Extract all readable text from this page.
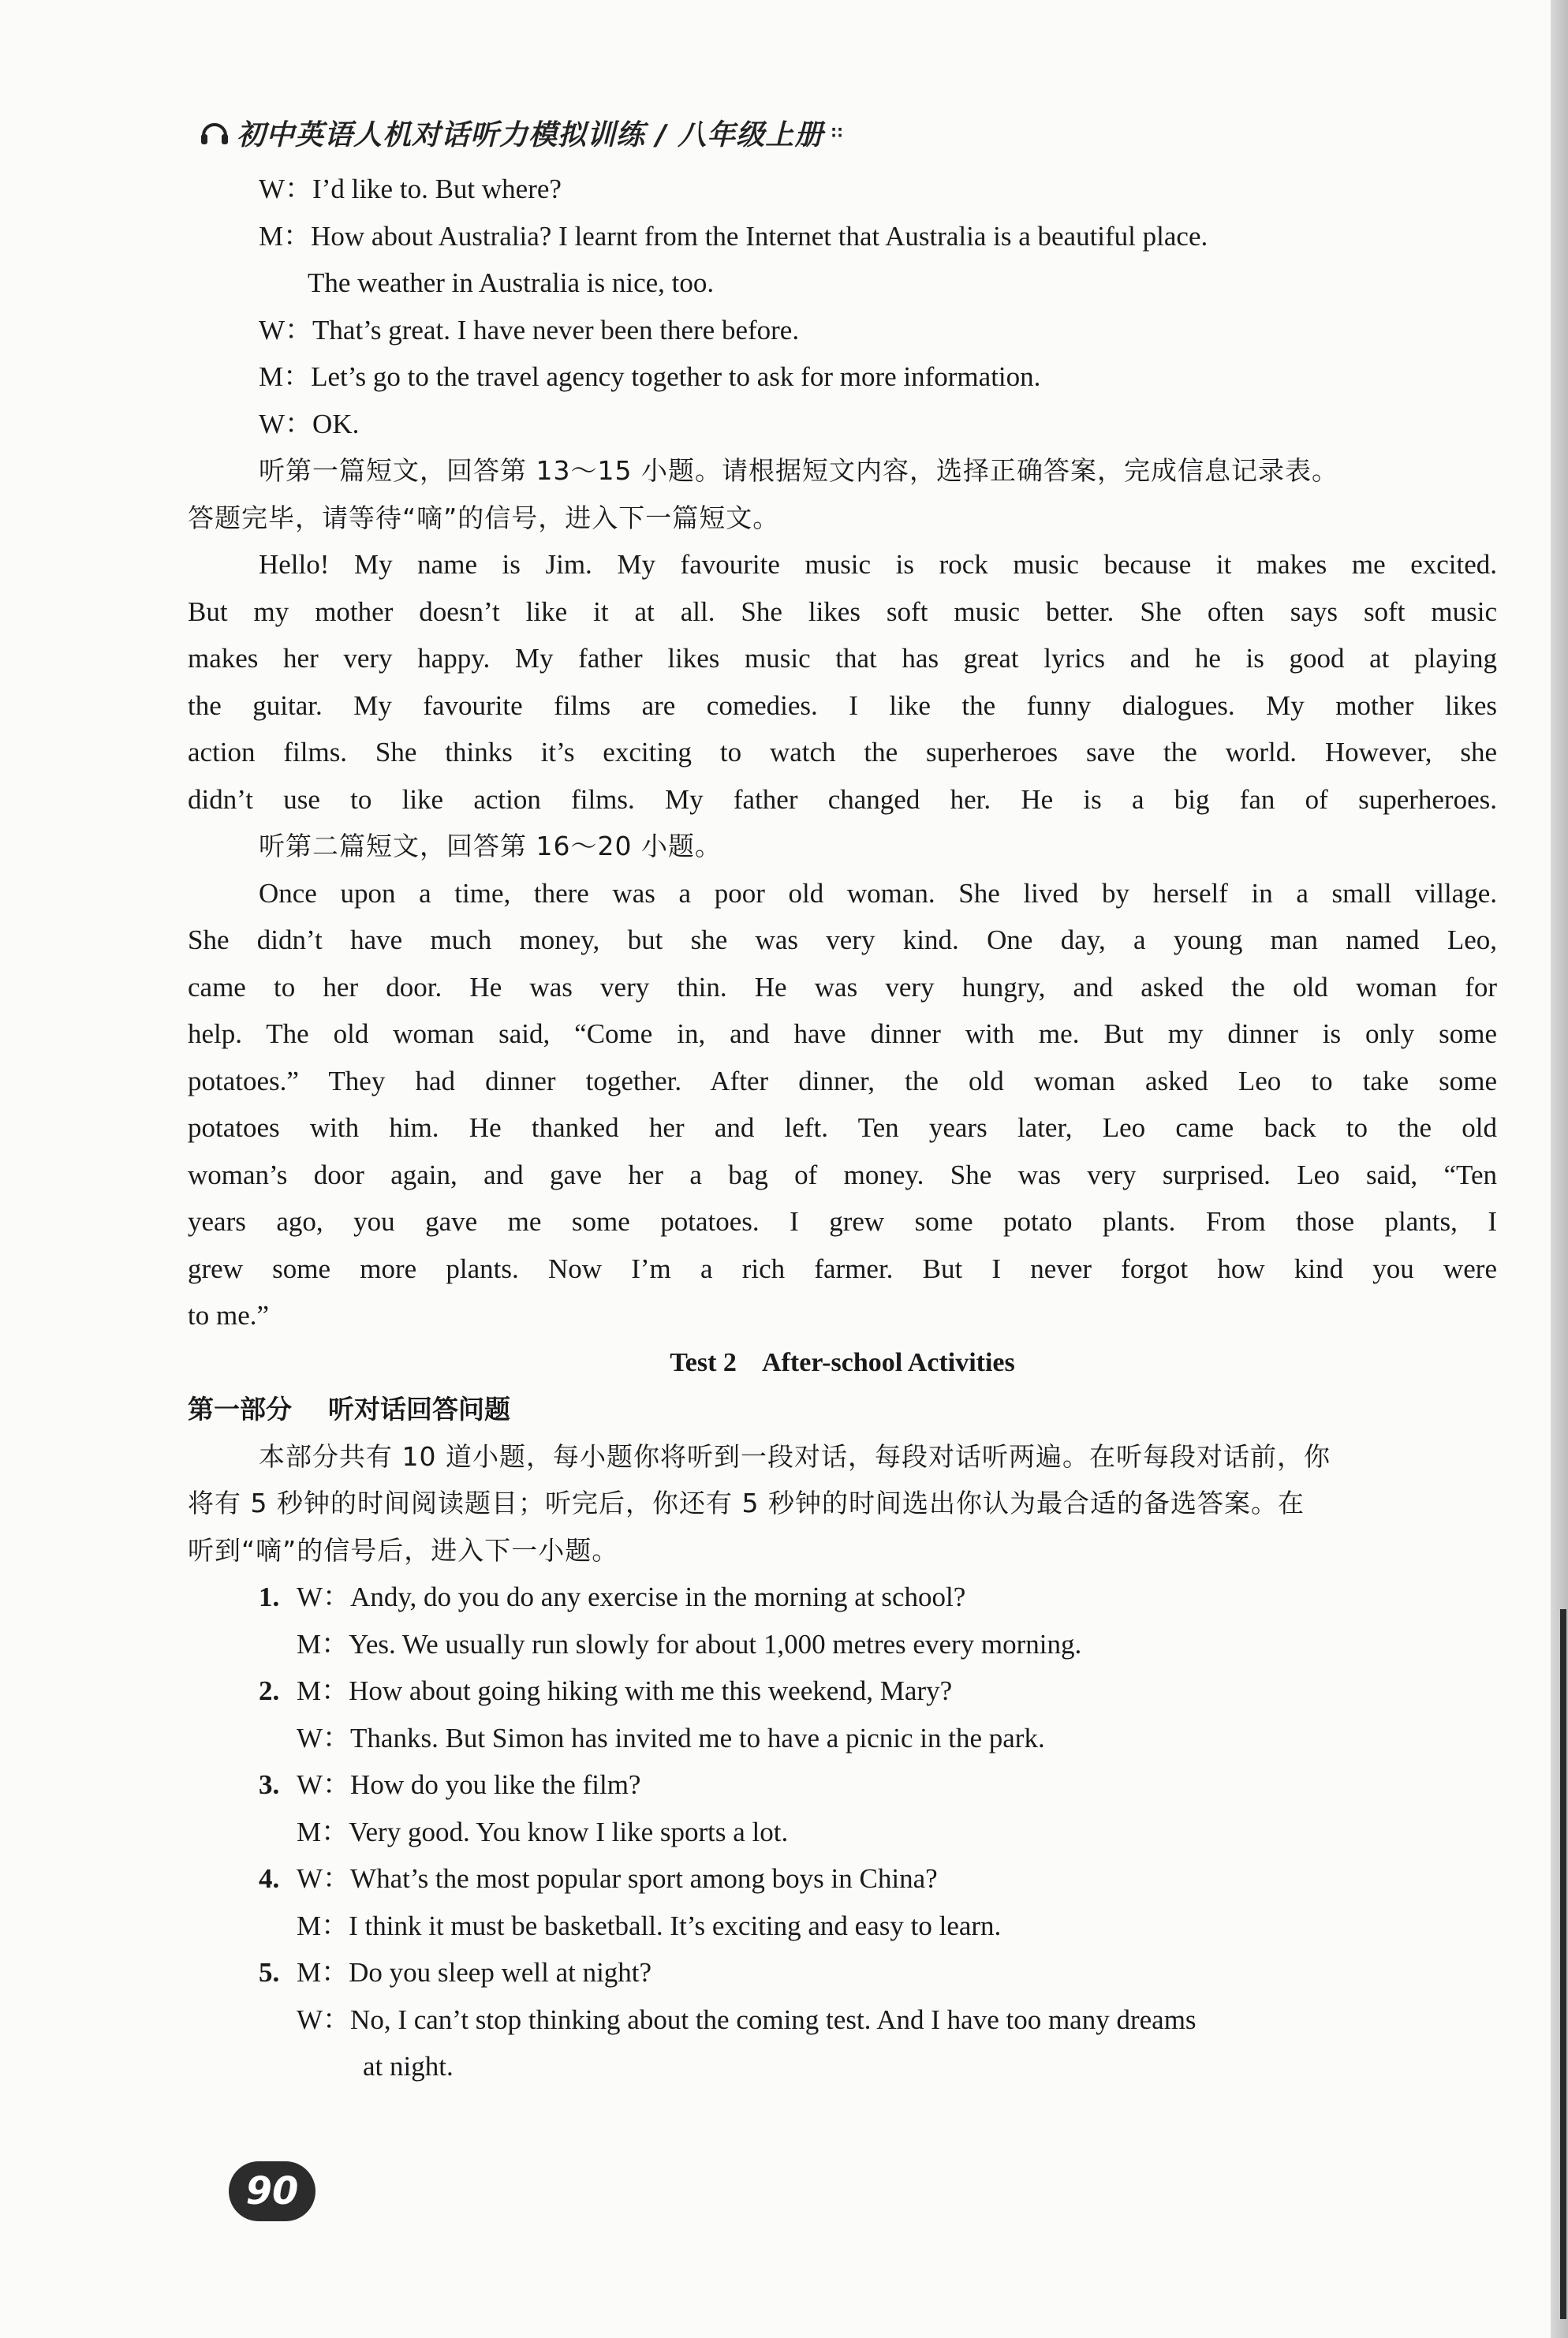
初中英语人机对话听力模拟训练 / 八年级上册 ∷
W：I’d like to. But where?
M：How about Australia? I learnt from the Internet that Australia is a beautiful place.
The weather in Australia is nice, too.
W：That’s great. I have never been there before.
M：Let’s go to the travel agency together to ask for more information.
W：OK.
听第一篇短文，回答第 13～15 小题。请根据短文内容，选择正确答案，完成信息记录表。
答题完毕，请等待“嘀”的信号，进入下一篇短文。
Hello! My name is Jim. My favourite music is rock music because it makes me excited.
But my mother doesn’t like it at all. She likes soft music better. She often says soft music
makes her very happy. My father likes music that has great lyrics and he is good at playing
the guitar. My favourite films are comedies. I like the funny dialogues. My mother likes
action films. She thinks it’s exciting to watch the superheroes save the world. However, she
didn’t use to like action films. My father changed her. He is a big fan of superheroes.
听第二篇短文，回答第 16～20 小题。
Once upon a time, there was a poor old woman. She lived by herself in a small village.
She didn’t have much money, but she was very kind. One day, a young man named Leo,
came to her door. He was very thin. He was very hungry, and asked the old woman for
help. The old woman said, “Come in, and have dinner with me. But my dinner is only some
potatoes.” They had dinner together. After dinner, the old woman asked Leo to take some
potatoes with him. He thanked her and left. Ten years later, Leo came back to the old
woman’s door again, and gave her a bag of money. She was very surprised. Leo said, “Ten
years ago, you gave me some potatoes. I grew some potato plants. From those plants, I
grew some more plants. Now I’m a rich farmer. But I never forgot how kind you were
to me.”
Test 2    After-school Activities
第一部分    听对话回答问题
本部分共有 10 道小题，每小题你将听到一段对话，每段对话听两遍。在听每段对话前，你
将有 5 秒钟的时间阅读题目；听完后，你还有 5 秒钟的时间选出你认为最合适的备选答案。在
听到“嘀”的信号后，进入下一小题。
1. W：Andy, do you do any exercise in the morning at school?
M：Yes. We usually run slowly for about 1,000 metres every morning.
2. M：How about going hiking with me this weekend, Mary?
W：Thanks. But Simon has invited me to have a picnic in the park.
3. W：How do you like the film?
M：Very good. You know I like sports a lot.
4. W：What’s the most popular sport among boys in China?
M：I think it must be basketball. It’s exciting and easy to learn.
5. M：Do you sleep well at night?
W：No, I can’t stop thinking about the coming test. And I have too many dreams
at night.
90
